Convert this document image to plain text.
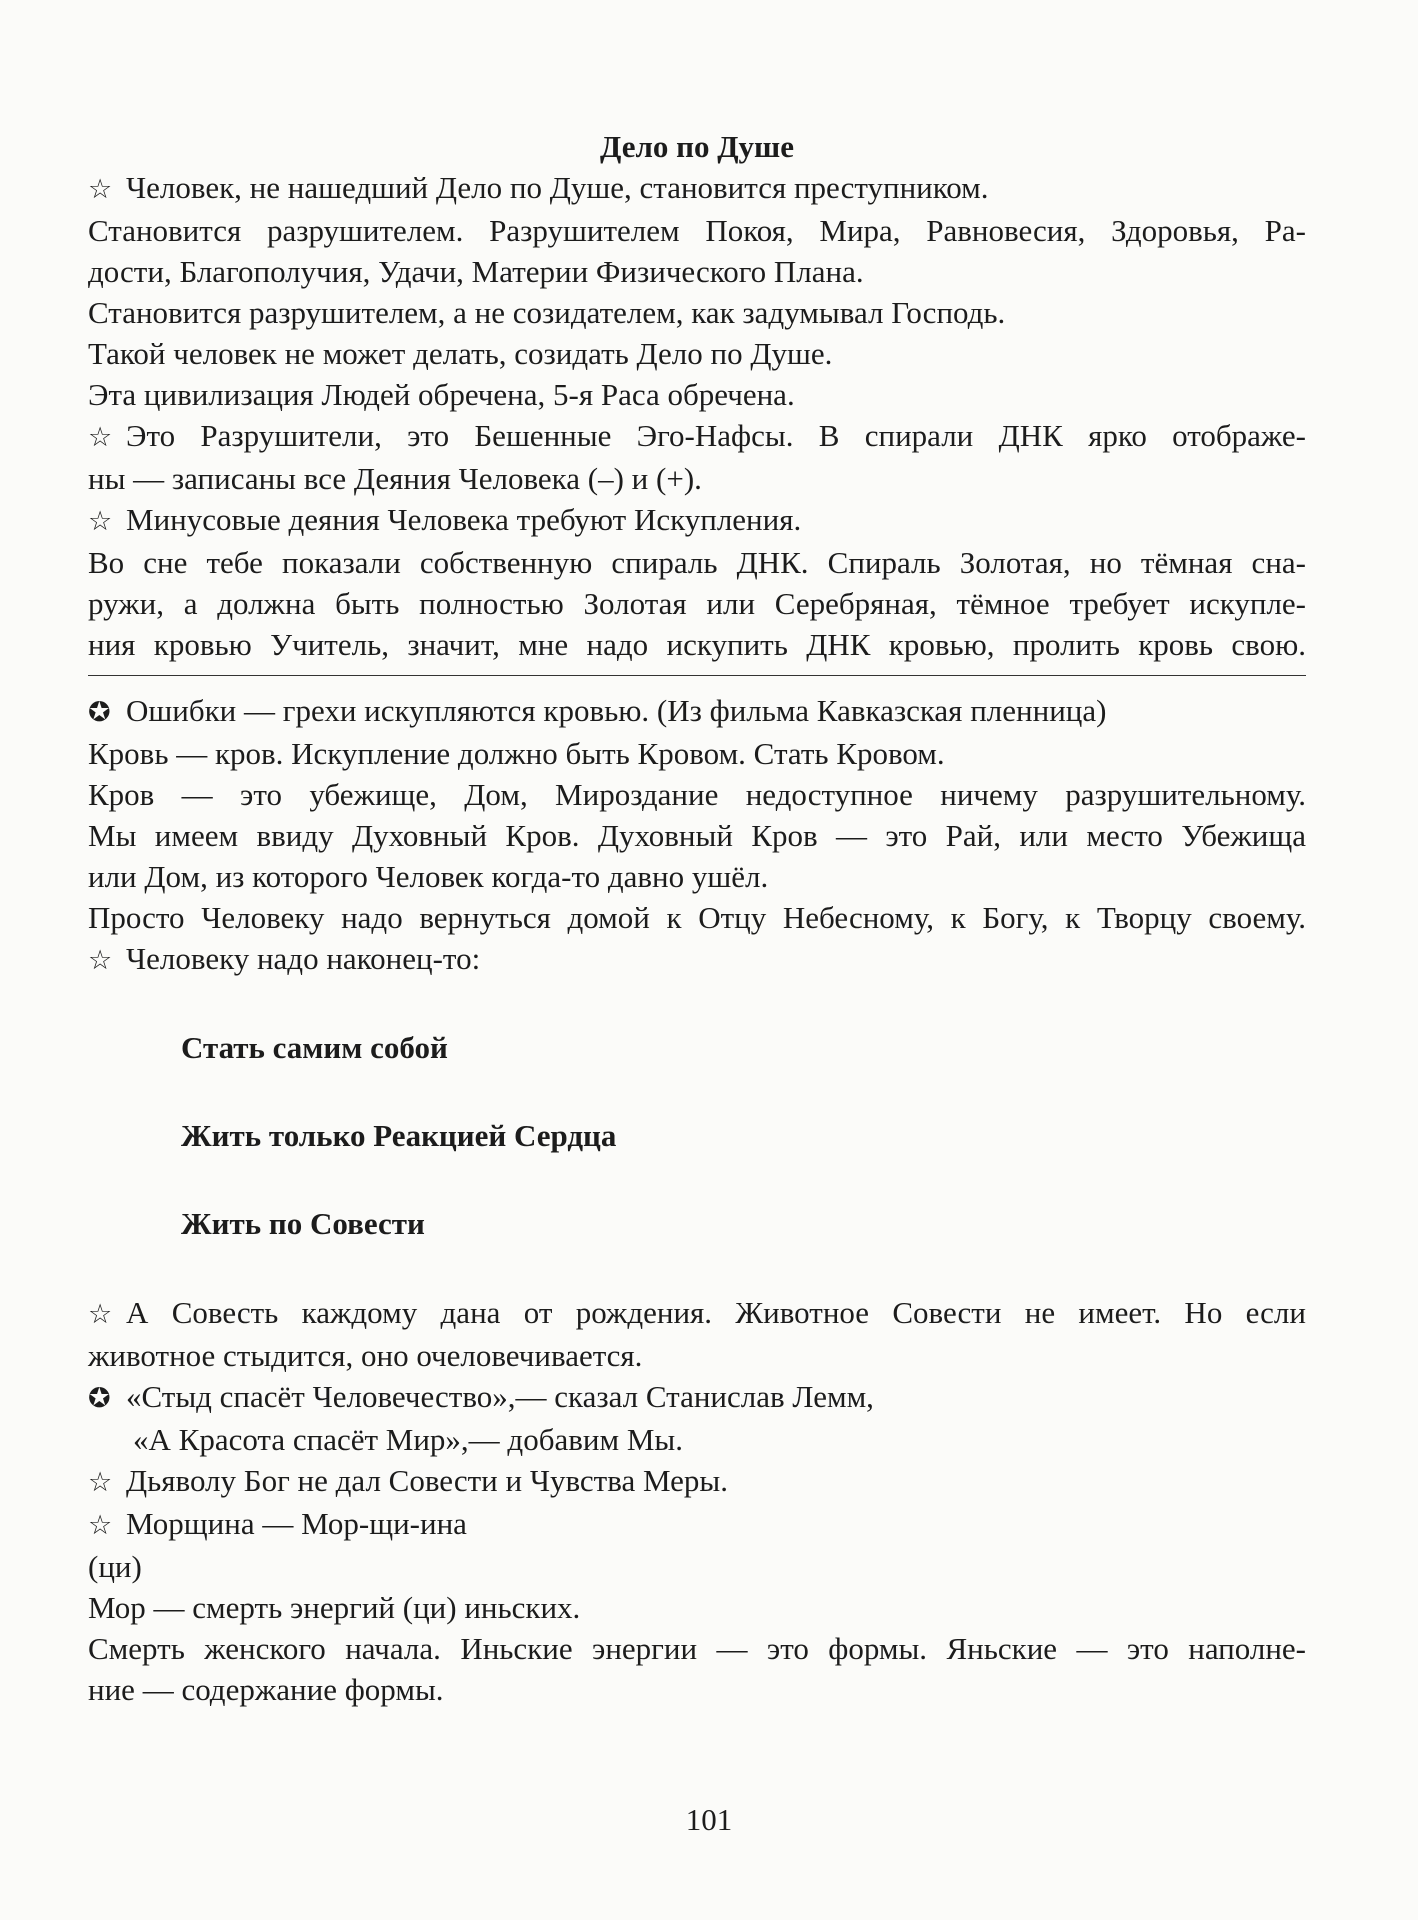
Дело по Душе

☆ Человек, не нашедший Дело по Душе, становится преступником.

Становится разрушителем. Разрушителем Покоя, Мира, Равновесия, Здоровья, Ра-

дости, Благополучия, Удачи, Материи Физического Плана.

Становится разрушителем, а не созидателем, как задумывал Господь.

Такой человек не может делать, созидать Дело по Душе.

Эта цивилизация Людей обречена, 5-я Раса обречена.

☆ Это Разрушители, это Бешенные Эго-Нафсы. В спирали ДНК ярко отображе-

ны — записаны все Деяния Человека (–) и (+).

☆ Минусовые деяния Человека требуют Искупления.

Во сне тебе показали собственную спираль ДНК. Спираль Золотая, но тёмная сна-

ружи, а должна быть полностью Золотая или Серебряная, тёмное требует искупле-

ния кровью Учитель, значит, мне надо искупить ДНК кровью, пролить кровь свою.

✪ Ошибки — грехи искупляются кровью. (Из фильма Кавказская пленница)

Кровь — кров. Искупление должно быть Кровом. Стать Кровом.

Кров — это убежище, Дом, Мироздание недоступное ничему разрушительному.

Мы имеем ввиду Духовный Кров. Духовный Кров — это Рай, или место Убежища

или Дом, из которого Человек когда-то давно ушёл.

Просто Человеку надо вернуться домой к Отцу Небесному, к Богу, к Творцу своему.

☆ Человеку надо наконец-то:

Стать самим собой

Жить только Реакцией Сердца

Жить по Совести

☆ А Совесть каждому дана от рождения. Животное Совести не имеет. Но если

животное стыдится, оно очеловечивается.

✪ «Стыд спасёт Человечество»,— сказал Станислав Лемм,

«А Красота спасёт Мир»,— добавим Мы.

☆ Дьяволу Бог не дал Совести и Чувства Меры.

☆ Морщина — Мор-щи-ина

(ци)

Мор — смерть энергий (ци) иньских.

Смерть женского начала. Иньские энергии — это формы. Яньские — это наполне-

ние — содержание формы.

101
